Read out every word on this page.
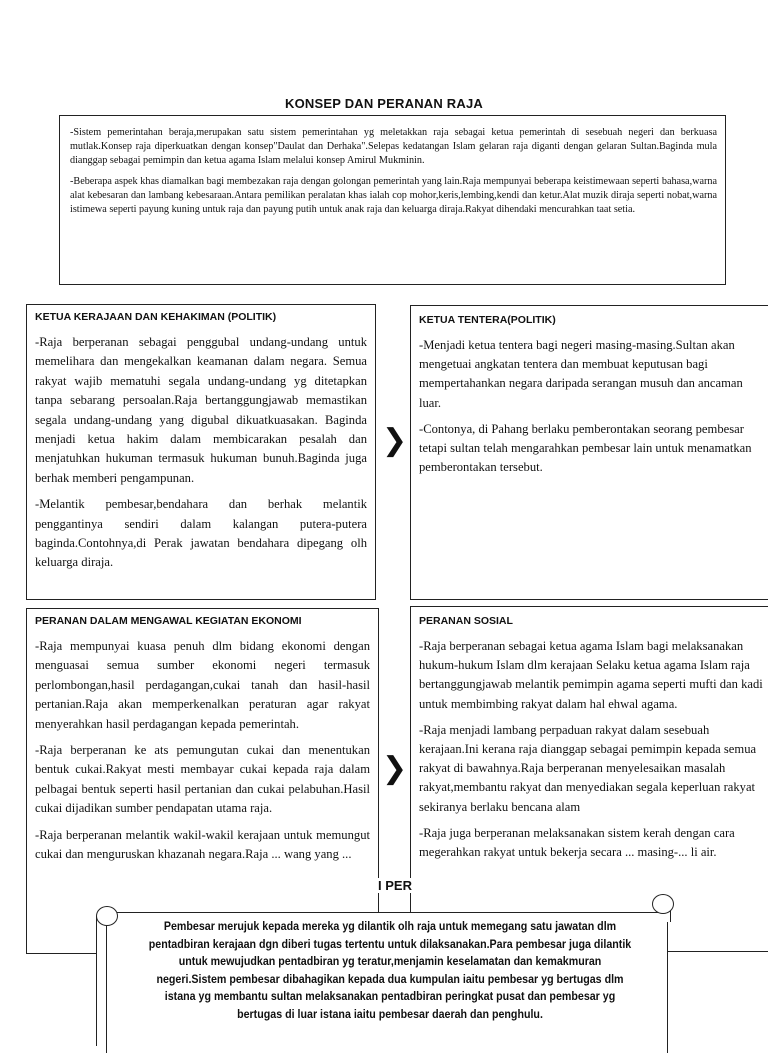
KONSEP DAN PERANAN RAJA

-Sistem pemerintahan beraja,merupakan satu sistem pemerintahan yg meletakkan raja sebagai ketua pemerintah di sesebuah negeri dan berkuasa mutlak.Konsep raja diperkuatkan dengan konsep"Daulat dan Derhaka".Selepas kedatangan Islam gelaran raja diganti dengan gelaran Sultan.Baginda mula dianggap sebagai pemimpin dan ketua agama Islam melalui konsep Amirul Mukminin.

-Beberapa aspek khas diamalkan bagi membezakan raja dengan golongan pemerintah yang lain.Raja mempunyai beberapa keistimewaan seperti bahasa,warna alat kebesaran dan lambang kebesaraan.Antara pemilikan peralatan khas ialah cop mohor,keris,lembing,kendi dan ketur.Alat muzik diraja seperti nobat,warna istimewa seperti payung kuning untuk raja dan payung putih untuk anak raja dan keluarga diraja.Rakyat dihendaki mencurahkan taat setia.

KETUA KERAJAAN DAN KEHAKIMAN (POLITIK)

-Raja berperanan sebagai penggubal undang-undang untuk memelihara dan mengekalkan keamanan dalam negara. Semua rakyat wajib mematuhi segala undang-undang yg ditetapkan tanpa sebarang persoalan.Raja bertanggungjawab memastikan segala undang-undang yang digubal dikuatkuasakan. Baginda menjadi ketua hakim dalam membicarakan pesalah dan menjatuhkan hukuman termasuk hukuman bunuh.Baginda juga berhak memberi pengampunan.

-Melantik pembesar,bendahara dan berhak melantik penggantinya sendiri dalam kalangan putera-putera baginda.Contohnya,di Perak jawatan bendahara dipegang olh keluarga diraja.

❯
KETUA TENTERA(POLITIK)

-Menjadi ketua tentera bagi negeri masing-masing.Sultan akan mengetuai angkatan tentera dan membuat keputusan bagi mempertahankan negara daripada serangan musuh dan ancaman luar.

-Contonya, di Pahang berlaku pemberontakan seorang pembesar tetapi sultan telah mengarahkan pembesar lain untuk menamatkan pemberontakan tersebut.

PERANAN DALAM MENGAWAL KEGIATAN EKONOMI

-Raja mempunyai kuasa penuh dlm bidang ekonomi dengan menguasai semua sumber ekonomi negeri termasuk perlombongan,hasil perdagangan,cukai tanah dan hasil-hasil pertanian.Raja akan memperkenalkan peraturan agar rakyat menyerahkan hasil perdagangan kepada pemerintah.

-Raja berperanan ke ats pemungutan cukai dan menentukan bentuk cukai.Rakyat mesti membayar cukai kepada raja dalam pelbagai bentuk seperti hasil pertanian dan cukai pelabuhan.Hasil cukai dijadikan sumber pendapatan utama raja.

-Raja berperanan melantik wakil-wakil kerajaan untuk memungut cukai dan menguruskan khazanah negara.Raja ... wang yang ...

❯
PERANAN SOSIAL

-Raja berperanan sebagai ketua agama Islam bagi melaksanakan hukum-hukum Islam dlm kerajaan Selaku ketua agama Islam raja bertanggungjawab melantik pemimpin agama seperti mufti dan kadi untuk membimbing rakyat dalam hal ehwal agama.

-Raja menjadi lambang perpaduan rakyat dalam sesebuah kerajaan.Ini kerana raja dianggap sebagai pemimpin kepada semua rakyat di bawahnya.Raja berperanan menyelesaikan masalah rakyat,membantu rakyat dan menyediakan segala keperluan rakyat sekiranya berlaku bencana alam

-Raja juga berperanan melaksanakan sistem kerah dengan cara megerahkan rakyat untuk bekerja secara ... masing-... li air.

I PER
Pembesar merujuk kepada mereka yg dilantik olh raja untuk memegang satu jawatan dlm pentadbiran kerajaan dgn diberi tugas tertentu untuk dilaksanakan.Para pembesar juga dilantik untuk mewujudkan pentadbiran yg teratur,menjamin keselamatan dan kemakmuran negeri.Sistem pembesar dibahagikan kepada dua kumpulan iaitu pembesar yg bertugas dlm istana yg membantu sultan melaksanakan pentadbiran peringkat pusat dan pembesar yg bertugas di luar istana iaitu pembesar daerah dan penghulu.
